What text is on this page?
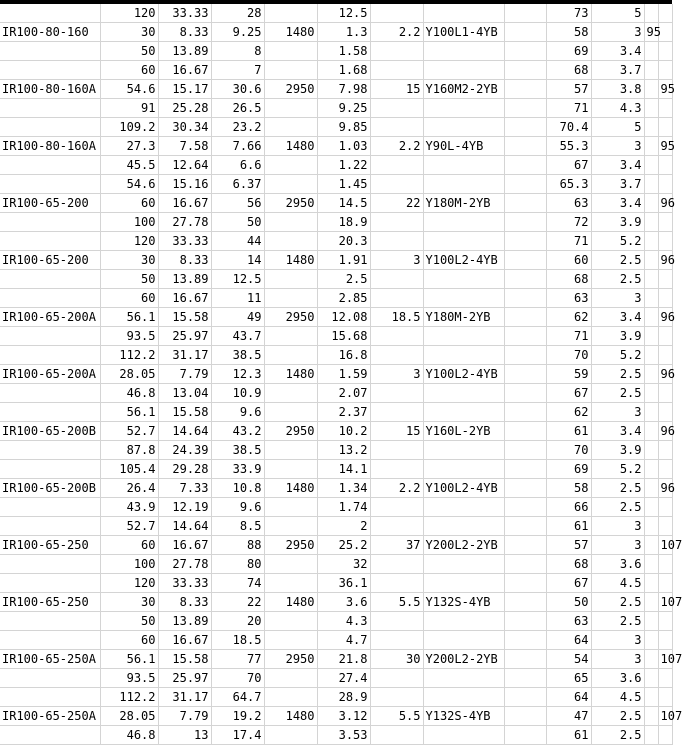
	120	33.33	28		12.5				73	5		
IR100-80-160	30	8.33	9.25	1480	1.3	2.2	Y100L1-4YB		58	3	95	
	50	13.89	8		1.58				69	3.4		
	60	16.67	7		1.68				68	3.7		
IR100-80-160A	54.6	15.17	30.6	2950	7.98	15	Y160M2-2YB		57	3.8		95
	91	25.28	26.5		9.25				71	4.3		
	109.2	30.34	23.2		9.85				70.4	5		
IR100-80-160A	27.3	7.58	7.66	1480	1.03	2.2	Y90L-4YB		55.3	3		95
	45.5	12.64	6.6		1.22				67	3.4		
	54.6	15.16	6.37		1.45				65.3	3.7		
IR100-65-200	60	16.67	56	2950	14.5	22	Y180M-2YB		63	3.4		96
	100	27.78	50		18.9				72	3.9		
	120	33.33	44		20.3				71	5.2		
IR100-65-200	30	8.33	14	1480	1.91	3	Y100L2-4YB		60	2.5		96
	50	13.89	12.5		2.5				68	2.5		
	60	16.67	11		2.85				63	3		
IR100-65-200A	56.1	15.58	49	2950	12.08	18.5	Y180M-2YB		62	3.4		96
	93.5	25.97	43.7		15.68				71	3.9		
	112.2	31.17	38.5		16.8				70	5.2		
IR100-65-200A	28.05	7.79	12.3	1480	1.59	3	Y100L2-4YB		59	2.5		96
	46.8	13.04	10.9		2.07				67	2.5		
	56.1	15.58	9.6		2.37				62	3		
IR100-65-200B	52.7	14.64	43.2	2950	10.2	15	Y160L-2YB		61	3.4		96
	87.8	24.39	38.5		13.2				70	3.9		
	105.4	29.28	33.9		14.1				69	5.2		
IR100-65-200B	26.4	7.33	10.8	1480	1.34	2.2	Y100L2-4YB		58	2.5		96
	43.9	12.19	9.6		1.74				66	2.5		
	52.7	14.64	8.5		2				61	3		
IR100-65-250	60	16.67	88	2950	25.2	37	Y200L2-2YB		57	3		107
	100	27.78	80		32				68	3.6		
	120	33.33	74		36.1				67	4.5		
IR100-65-250	30	8.33	22	1480	3.6	5.5	Y132S-4YB		50	2.5		107
	50	13.89	20		4.3				63	2.5		
	60	16.67	18.5		4.7				64	3		
IR100-65-250A	56.1	15.58	77	2950	21.8	30	Y200L2-2YB		54	3		107
	93.5	25.97	70		27.4				65	3.6		
	112.2	31.17	64.7		28.9				64	4.5		
IR100-65-250A	28.05	7.79	19.2	1480	3.12	5.5	Y132S-4YB		47	2.5		107
	46.8	13	17.4		3.53				61	2.5		
